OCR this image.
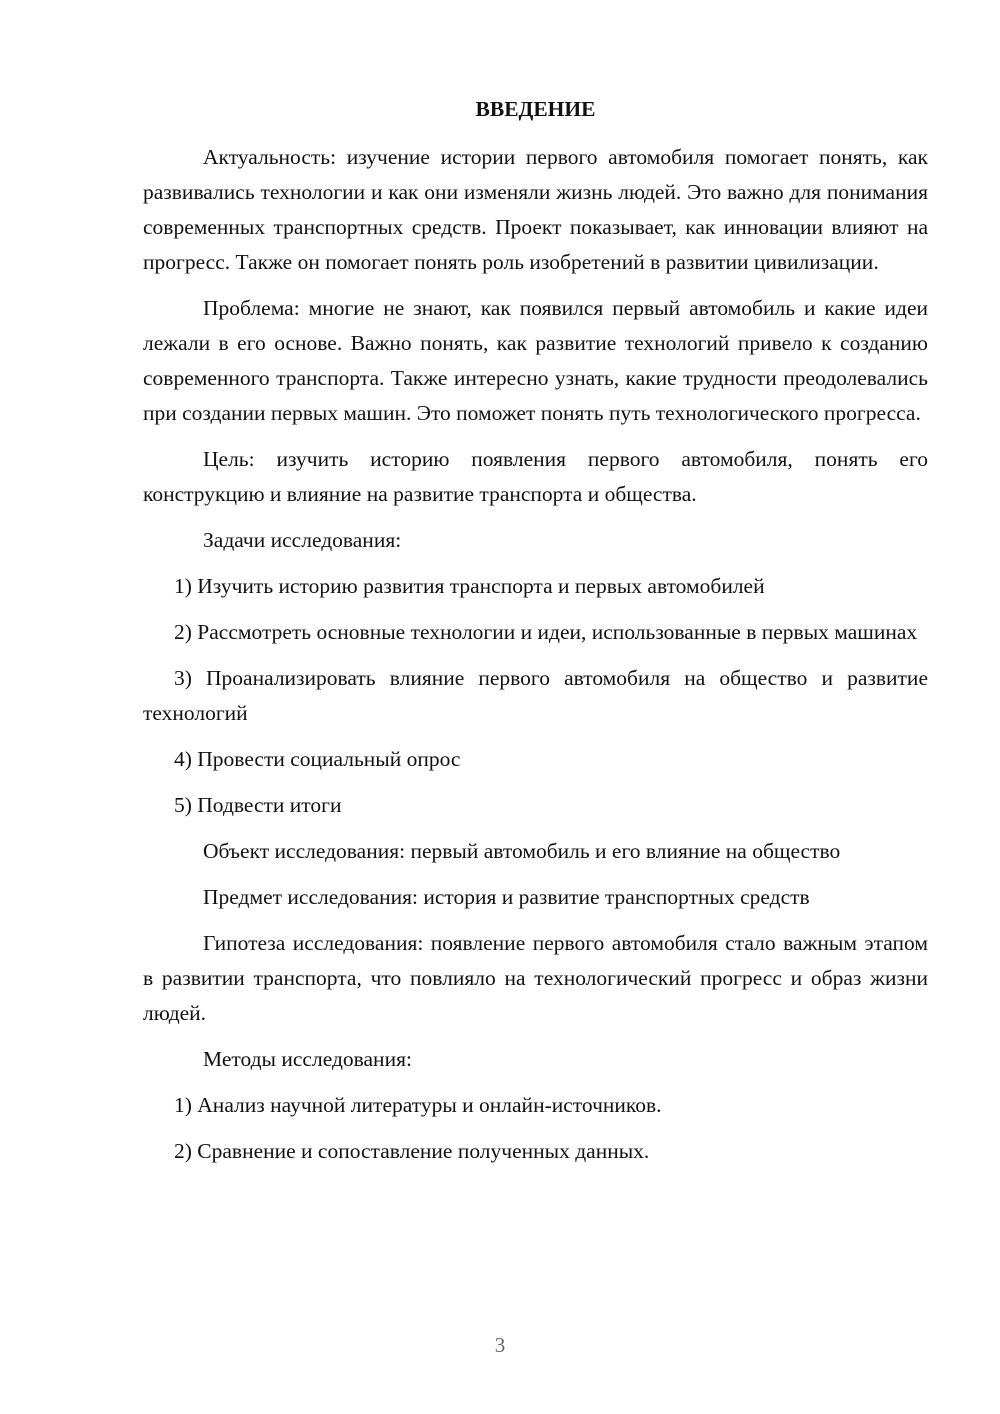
ВВЕДЕНИЕ

Актуальность: изучение истории первого автомобиля помогает понять, как развивались технологии и как они изменяли жизнь людей. Это важно для понимания современных транспортных средств. Проект показывает, как инновации влияют на прогресс. Также он помогает понять роль изобретений в развитии цивилизации.

Проблема: многие не знают, как появился первый автомобиль и какие идеи лежали в его основе. Важно понять, как развитие технологий привело к созданию современного транспорта. Также интересно узнать, какие трудности преодолевались при создании первых машин. Это поможет понять путь технологического прогресса.

Цель: изучить историю появления первого автомобиля, понять его конструкцию и влияние на развитие транспорта и общества.

Задачи исследования:

1) Изучить историю развития транспорта и первых автомобилей

2) Рассмотреть основные технологии и идеи, использованные в первых машинах

3) Проанализировать влияние первого автомобиля на общество и развитие технологий

4) Провести социальный опрос

5) Подвести итоги

Объект исследования: первый автомобиль и его влияние на общество

Предмет исследования: история и развитие транспортных средств

Гипотеза исследования: появление первого автомобиля стало важным этапом в развитии транспорта, что повлияло на технологический прогресс и образ жизни людей.

Методы исследования:

1) Анализ научной литературы и онлайн-источников.

2) Сравнение и сопоставление полученных данных.

3
